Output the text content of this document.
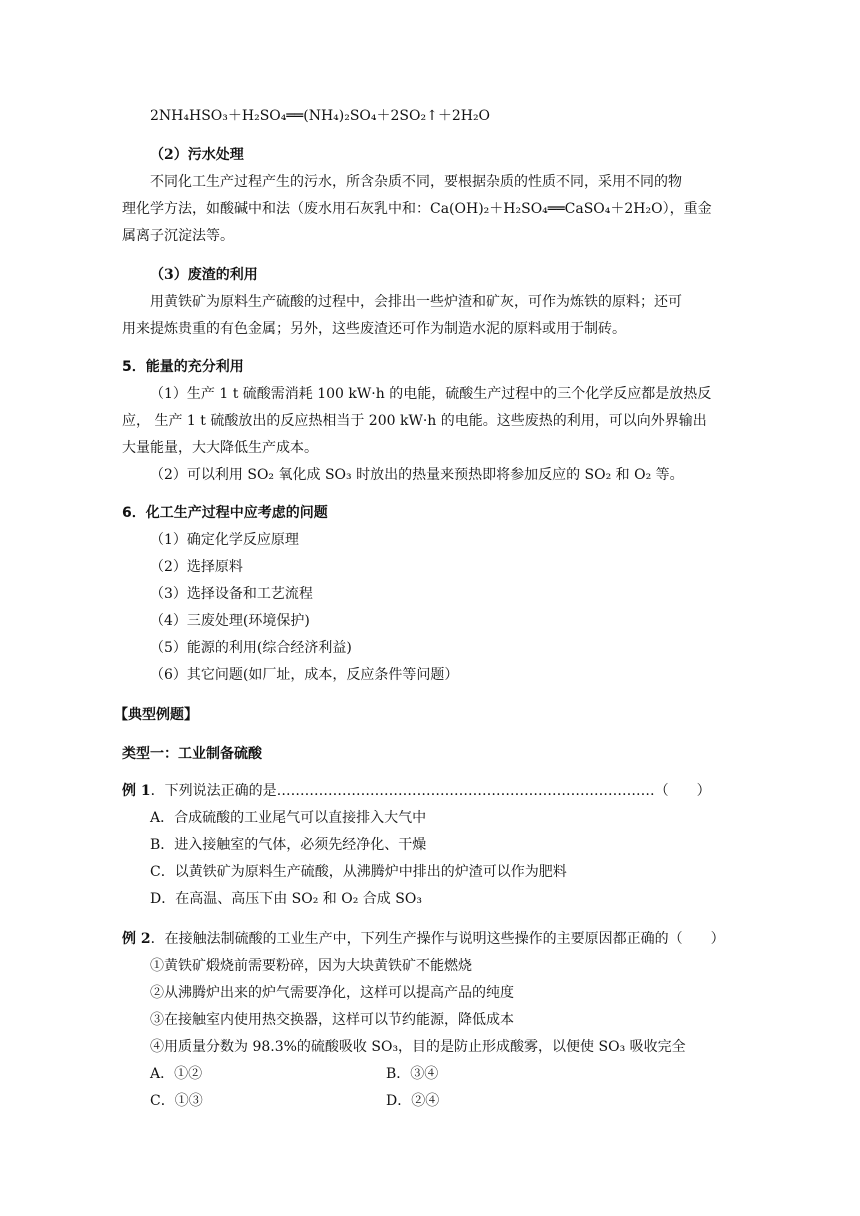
2NH₄HSO₃＋H₂SO₄══(NH₄)₂SO₄＋2SO₂↑＋2H₂O
（2）污水处理
不同化工生产过程产生的污水，所含杂质不同，要根据杂质的性质不同，采用不同的物
理化学方法，如酸碱中和法（废水用石灰乳中和：Ca(OH)₂＋H₂SO₄══CaSO₄＋2H₂O），重金
属离子沉淀法等。
（3）废渣的利用
用黄铁矿为原料生产硫酸的过程中，会排出一些炉渣和矿灰，可作为炼铁的原料；还可
用来提炼贵重的有色金属；另外，这些废渣还可作为制造水泥的原料或用于制砖。
5．能量的充分利用
（1）生产 1 t 硫酸需消耗 100 kW·h 的电能，硫酸生产过程中的三个化学反应都是放热反
应， 生产 1 t 硫酸放出的反应热相当于 200 kW·h 的电能。这些废热的利用，可以向外界输出
大量能量，大大降低生产成本。
（2）可以利用 SO₂ 氧化成 SO₃ 时放出的热量来预热即将参加反应的 SO₂ 和 O₂ 等。
6．化工生产过程中应考虑的问题
（1）确定化学反应原理
（2）选择原料
（3）选择设备和工艺流程
（4）三废处理(环境保护)
（5）能源的利用(综合经济利益)
（6）其它问题(如厂址，成本，反应条件等问题）
【典型例题】
类型一：工业制备硫酸
例 1．下列说法正确的是………………………………………………………………………（　　）
A．合成硫酸的工业尾气可以直接排入大气中
B．进入接触室的气体，必须先经净化、干燥
C．以黄铁矿为原料生产硫酸，从沸腾炉中排出的炉渣可以作为肥料
D．在高温、高压下由 SO₂ 和 O₂ 合成 SO₃
例 2．在接触法制硫酸的工业生产中，下列生产操作与说明这些操作的主要原因都正确的（　　）
①黄铁矿煅烧前需要粉碎，因为大块黄铁矿不能燃烧
②从沸腾炉出来的炉气需要净化，这样可以提高产品的纯度
③在接触室内使用热交换器，这样可以节约能源，降低成本
④用质量分数为 98.3%的硫酸吸收 SO₃，目的是防止形成酸雾，以便使 SO₃ 吸收完全
A．①②	B．③④
C．①③	D．②④
